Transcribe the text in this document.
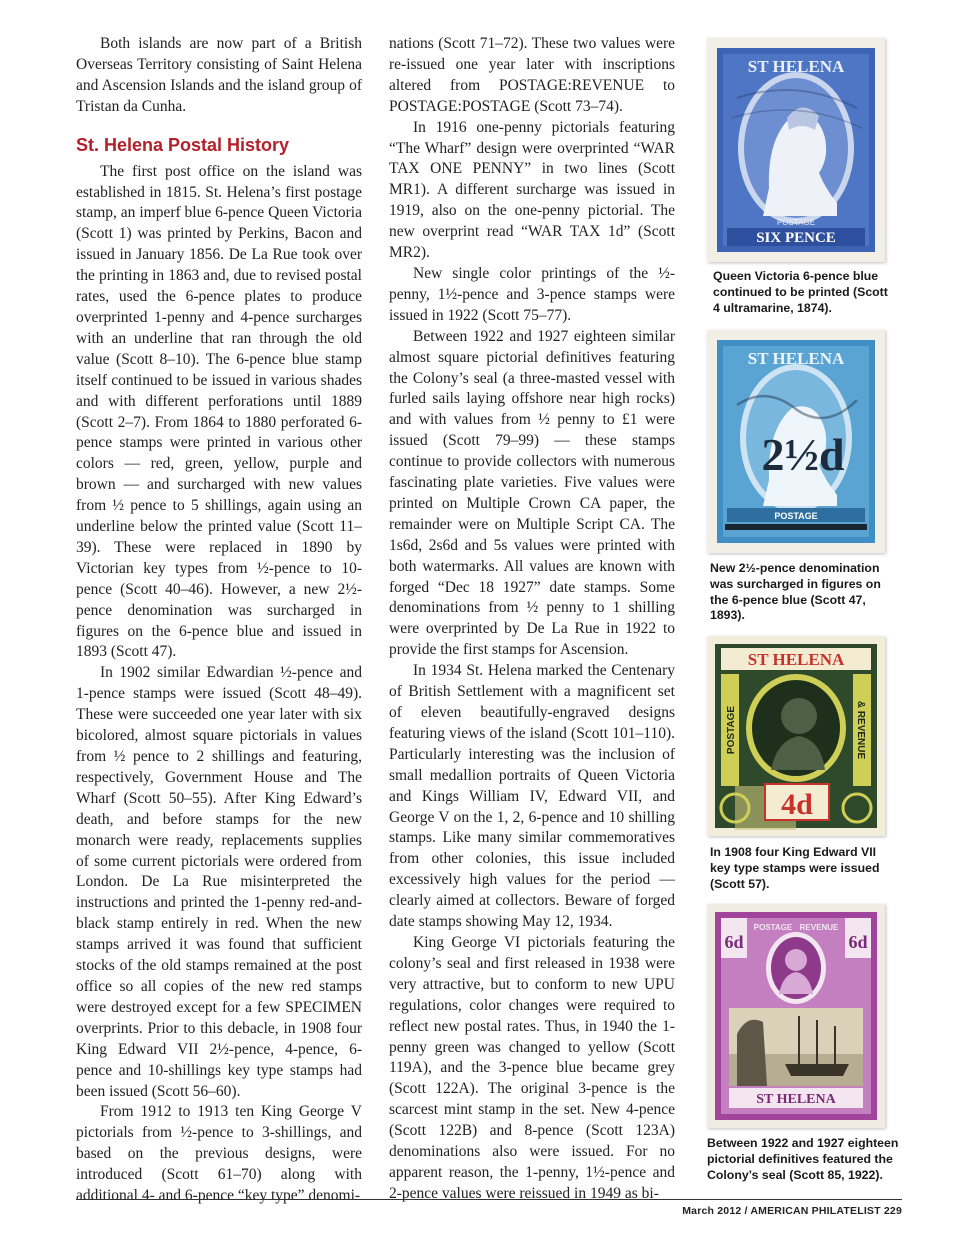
Both islands are now part of a British Overseas Territory consisting of Saint Helena and Ascension Islands and the island group of Tristan da Cunha.

St. Helena Postal History

The first post office on the island was established in 1815. St. Helena’s first postage stamp, an imperf blue 6-pence Queen Victoria (Scott 1) was printed by Perkins, Bacon and issued in January 1856. De La Rue took over the printing in 1863 and, due to revised postal rates, used the 6-pence plates to produce overprinted 1-penny and 4-pence surcharges with an underline that ran through the old value (Scott 8–10). The 6-pence blue stamp itself continued to be issued in various shades and with different perforations until 1889 (Scott 2–7). From 1864 to 1880 perforated 6-pence stamps were printed in various other colors — red, green, yellow, purple and brown — and surcharged with new values from ½ pence to 5 shillings, again using an underline below the printed value (Scott 11–39). These were replaced in 1890 by Victorian key types from ½-pence to 10-pence (Scott 40–46). However, a new 2½-pence denomination was surcharged in figures on the 6-pence blue and issued in 1893 (Scott 47).

In 1902 similar Edwardian ½-pence and 1-pence stamps were issued (Scott 48–49). These were succeeded one year later with six bicolored, almost square pictorials in values from ½ pence to 2 shillings and featuring, respectively, Government House and The Wharf (Scott 50–55). After King Edward’s death, and before stamps for the new monarch were ready, replacements supplies of some current pictorials were ordered from London. De La Rue misinterpreted the instructions and printed the 1-penny red-and-black stamp entirely in red. When the new stamps arrived it was found that sufficient stocks of the old stamps remained at the post office so all copies of the new red stamps were destroyed except for a few SPECIMEN overprints. Prior to this debacle, in 1908 four King Edward VII 2½-pence, 4-pence, 6-pence and 10-shillings key type stamps had been issued (Scott 56–60).

From 1912 to 1913 ten King George V pictorials from ½-pence to 3-shillings, and based on the previous designs, were introduced (Scott 61–70) along with additional 4- and 6-pence “key type” denomi-

nations (Scott 71–72). These two values were re-issued one year later with inscriptions altered from POSTAGE:REVENUE to POSTAGE:POSTAGE (Scott 73–74).

In 1916 one-penny pictorials featuring “The Wharf” design were overprinted “WAR TAX ONE PENNY” in two lines (Scott MR1). A different surcharge was issued in 1919, also on the one-penny pictorial. The new overprint read “WAR TAX 1d” (Scott MR2).

New single color printings of the ½-penny, 1½-pence and 3-pence stamps were issued in 1922 (Scott 75–77).

Between 1922 and 1927 eighteen similar almost square pictorial definitives featuring the Colony’s seal (a three-masted vessel with furled sails laying offshore near high rocks) and with values from ½ penny to £1 were issued (Scott 79–99) — these stamps continue to provide collectors with numerous fascinating plate varieties. Five values were printed on Multiple Crown CA paper, the remainder were on Multiple Script CA. The 1s6d, 2s6d and 5s values were printed with both watermarks. All values are known with forged “Dec 18 1927” date stamps. Some denominations from ½ penny to 1 shilling were overprinted by De La Rue in 1922 to provide the first stamps for Ascension.

In 1934 St. Helena marked the Centenary of British Settlement with a magnificent set of eleven beautifully-engraved designs featuring views of the island (Scott 101–110). Particularly interesting was the inclusion of small medallion portraits of Queen Victoria and Kings William IV, Edward VII, and George V on the 1, 2, 6-pence and 10 shilling stamps. Like many similar commemoratives from other colonies, this issue included excessively high values for the period — clearly aimed at collectors. Beware of forged date stamps showing May 12, 1934.

King George VI pictorials featuring the colony’s seal and first released in 1938 were very attractive, but to conform to new UPU regulations, color changes were required to reflect new postal rates. Thus, in 1940 the 1-penny green was changed to yellow (Scott 119A), and the 3-pence blue became grey (Scott 122A). The original 3-pence is the scarcest mint stamp in the set. New 4-pence (Scott 122B) and 8-pence (Scott 123A) denominations also were issued. For no apparent reason, the 1-penny, 1½-pence and 2-pence values were reissued in 1949 as bi-

ST HELENA
POSTAGE
SIX PENCE
Queen Victoria 6-pence blue continued to be printed (Scott 4 ultramarine, 1874).
ST HELENA
2½d
POSTAGE
New 2½-pence denomination was surcharged in figures on the 6-pence blue (Scott 47, 1893).
ST HELENA
POSTAGE	& REVENUE
4d
In 1908 four King Edward VII key type stamps were issued (Scott 57).
6d	6d
POSTAGE REVENUE
ST HELENA
Between 1922 and 1927 eighteen pictorial definitives featured the Colony’s seal (Scott 85, 1922).
March 2012 / AMERICAN PHILATELIST 229
